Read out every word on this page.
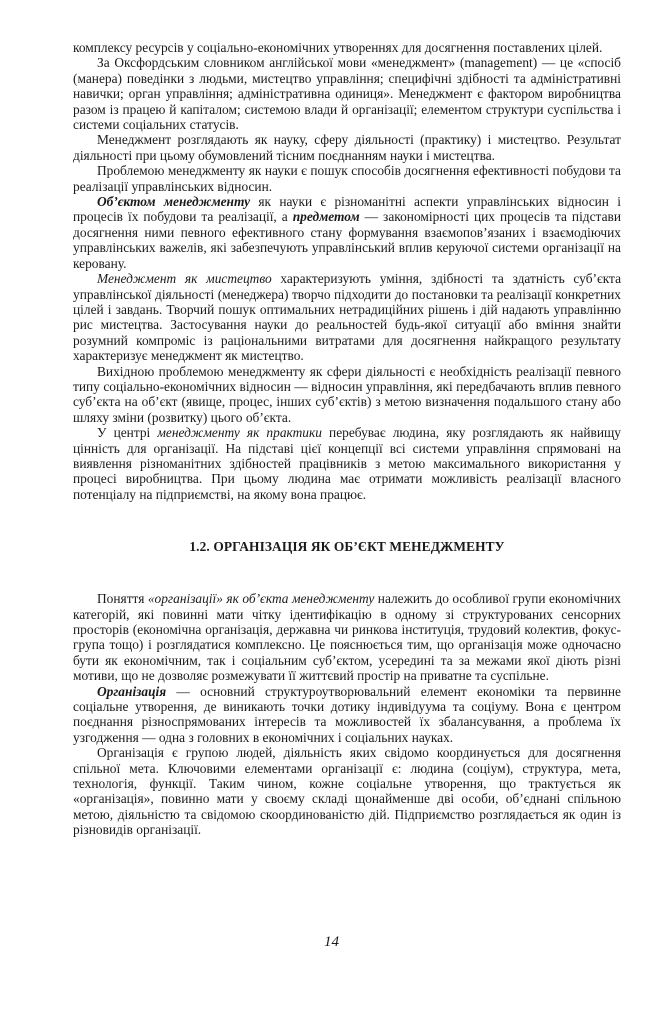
комплексу ресурсів у соціально-економічних утвореннях для досягнення поставлених цілей.

За Оксфордським словником англійської мови «менеджмент» (management) — це «спосіб (манера) поведінки з людьми, мистецтво управління; специфічні здібності та адміністративні навички; орган управління; адміністративна одиниця». Менеджмент є фактором виробництва разом із працею й капіталом; системою влади й організації; елементом структури суспільства і системи соціальних статусів.

Менеджмент розглядають як науку, сферу діяльності (практику) і мистецтво. Результат діяльності при цьому обумовлений тісним поєднанням науки і мистецтва.

Проблемою менеджменту як науки є пошук способів досягнення ефективності побудови та реалізації управлінських відносин.

Об’єктом менеджменту як науки є різноманітні аспекти управлінських відносин і процесів їх побудови та реалізації, а предметом — закономірності цих процесів та підстави досягнення ними певного ефективного стану формування взаємопов’язаних і взаємодіючих управлінських важелів, які забезпечують управлінський вплив керуючої системи організації на керовану.

Менеджмент як мистецтво характеризують уміння, здібності та здатність суб’єкта управлінської діяльності (менеджера) творчо підходити до постановки та реалізації конкретних цілей і завдань. Творчий пошук оптимальних нетрадиційних рішень і дій надають управлінню рис мистецтва. Застосування науки до реальностей будь-якої ситуації або вміння знайти розумний компроміс із раціональними витратами для досягнення найкращого результату характеризує менеджмент як мистецтво.

Вихідною проблемою менеджменту як сфери діяльності є необхідність реалізації певного типу соціально-економічних відносин — відносин управління, які передбачають вплив певного суб’єкта на об’єкт (явище, процес, інших суб’єктів) з метою визначення подальшого стану або шляху зміни (розвитку) цього об’єкта.

У центрі менеджменту як практики перебуває людина, яку розглядають як найвищу цінність для організації. На підставі цієї концепції всі системи управління спрямовані на виявлення різноманітних здібностей працівників з метою максимального використання у процесі виробництва. При цьому людина має отримати можливість реалізації власного потенціалу на підприємстві, на якому вона працює.

1.2. ОРГАНІЗАЦІЯ ЯК ОБ’ЄКТ МЕНЕДЖМЕНТУ

Поняття «організації» як об’єкта менеджменту належить до особливої групи економічних категорій, які повинні мати чітку ідентифікацію в одному зі структурованих сенсорних просторів (економічна організація, державна чи ринкова інституція, трудовий колектив, фокус-група тощо) і розглядатися комплексно. Це пояснюється тим, що організація може одночасно бути як економічним, так і соціальним суб’єктом, усередині та за межами якої діють різні мотиви, що не дозволяє розмежувати її життєвий простір на приватне та суспільне.

Організація — основний структуроутворювальний елемент економіки та первинне соціальне утворення, де виникають точки дотику індивідуума та соціуму. Вона є центром поєднання різноспрямованих інтересів та можливостей їх збалансування, а проблема їх узгодження — одна з головних в економічних і соціальних науках.

Організація є групою людей, діяльність яких свідомо координується для досягнення спільної мета. Ключовими елементами організації є: людина (соціум), структура, мета, технологія, функції. Таким чином, кожне соціальне утворення, що трактується як «організація», повинно мати у своєму складі щонайменше дві особи, об’єднані спільною метою, діяльністю та свідомою скоординованістю дій. Підприємство розглядається як один із різновидів організації.

14
